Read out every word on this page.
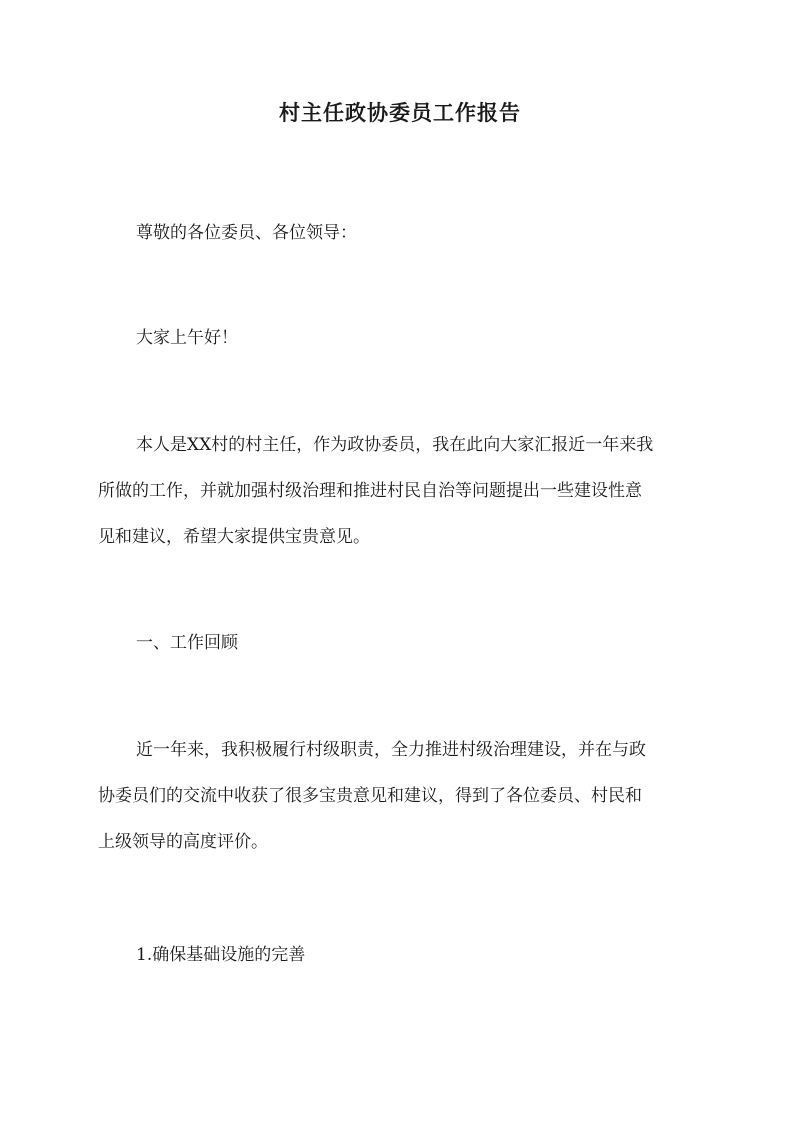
村主任政协委员工作报告

尊敬的各位委员、各位领导：

大家上午好！

本人是XX村的村主任，作为政协委员，我在此向大家汇报近一年来我
所做的工作，并就加强村级治理和推进村民自治等问题提出一些建设性意
见和建议，希望大家提供宝贵意见。

一、工作回顾

近一年来，我积极履行村级职责，全力推进村级治理建设，并在与政
协委员们的交流中收获了很多宝贵意见和建议，得到了各位委员、村民和
上级领导的高度评价。

1.确保基础设施的完善
